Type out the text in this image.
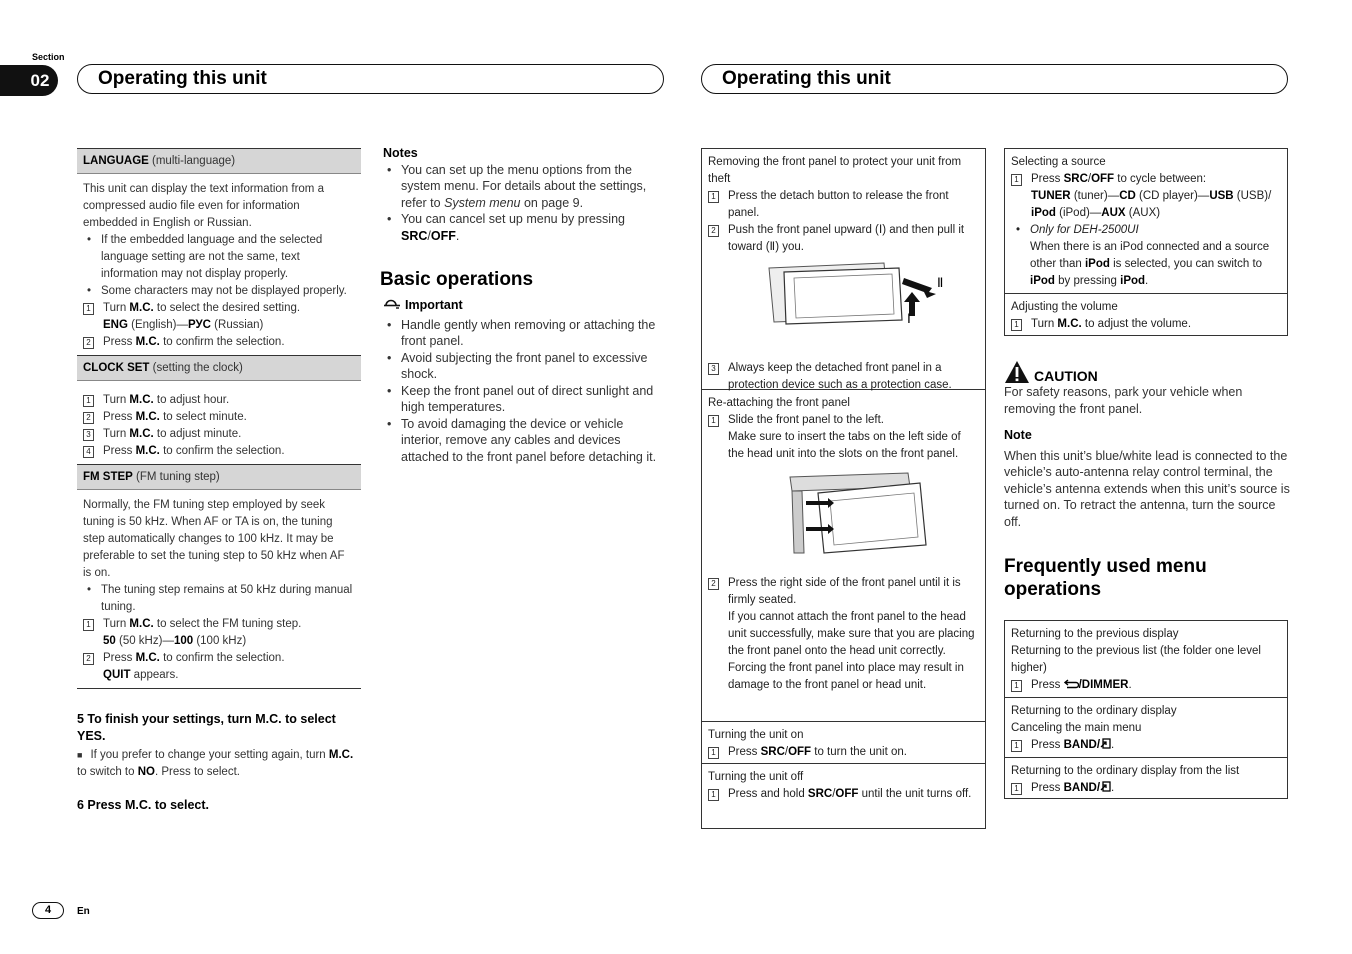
Section
02	Operating this unit	Operating this unit
LANGUAGE (multi-language)
This unit can display the text information from a compressed audio file even for information embedded in English or Russian.
• If the embedded language and the selected language setting are not the same, text information may not display properly.
• Some characters may not be displayed properly.
1 Turn M.C. to select the desired setting.
ENG (English)—РУС (Russian)
2 Press M.C. to confirm the selection.
CLOCK SET (setting the clock)
1 Turn M.C. to adjust hour.
2 Press M.C. to select minute.
3 Turn M.C. to adjust minute.
4 Press M.C. to confirm the selection.
FM STEP (FM tuning step)
Normally, the FM tuning step employed by seek tuning is 50 kHz. When AF or TA is on, the tuning step automatically changes to 100 kHz. It may be preferable to set the tuning step to 50 kHz when AF is on.
• The tuning step remains at 50 kHz during manual tuning.
1 Turn M.C. to select the FM tuning step.
50 (50 kHz)—100 (100 kHz)
2 Press M.C. to confirm the selection.
QUIT appears.
5 To finish your settings, turn M.C. to select YES.
■ If you prefer to change your setting again, turn M.C. to switch to NO. Press to select.
6 Press M.C. to select.
Notes
• You can set up the menu options from the system menu. For details about the settings, refer to System menu on page 9.
• You can cancel set up menu by pressing SRC/OFF.
Basic operations
Important
• Handle gently when removing or attaching the front panel.
• Avoid subjecting the front panel to excessive shock.
• Keep the front panel out of direct sunlight and high temperatures.
• To avoid damaging the device or vehicle interior, remove any cables and devices attached to the front panel before detaching it.
Removing the front panel to protect your unit from theft
1 Press the detach button to release the front panel.
2 Push the front panel upward (Ⅰ) and then pull it toward (Ⅱ) you.
Ⅱ
Ⅰ
3 Always keep the detached front panel in a protection device such as a protection case.
Re-attaching the front panel
1 Slide the front panel to the left.
Make sure to insert the tabs on the left side of the head unit into the slots on the front panel.
2 Press the right side of the front panel until it is firmly seated.
If you cannot attach the front panel to the head unit successfully, make sure that you are placing the front panel onto the head unit correctly. Forcing the front panel into place may result in damage to the front panel or head unit.
Turning the unit on
1 Press SRC/OFF to turn the unit on.
Turning the unit off
1 Press and hold SRC/OFF until the unit turns off.
Selecting a source
1 Press SRC/OFF to cycle between:
TUNER (tuner)—CD (CD player)—USB (USB)/
iPod (iPod)—AUX (AUX)
• Only for DEH-2500UI
When there is an iPod connected and a source other than iPod is selected, you can switch to iPod by pressing iPod.
Adjusting the volume
1 Turn M.C. to adjust the volume.
CAUTION
For safety reasons, park your vehicle when removing the front panel.
Note
When this unit’s blue/white lead is connected to the vehicle’s auto-antenna relay control terminal, the vehicle’s antenna extends when this unit’s source is turned on. To retract the antenna, turn the source off.
Frequently used menu operations
Returning to the previous display
Returning to the previous list (the folder one level higher)
1 Press /DIMMER.
Returning to the ordinary display
Canceling the main menu
1 Press BAND/ .
Returning to the ordinary display from the list
1 Press BAND/ .
4	En
